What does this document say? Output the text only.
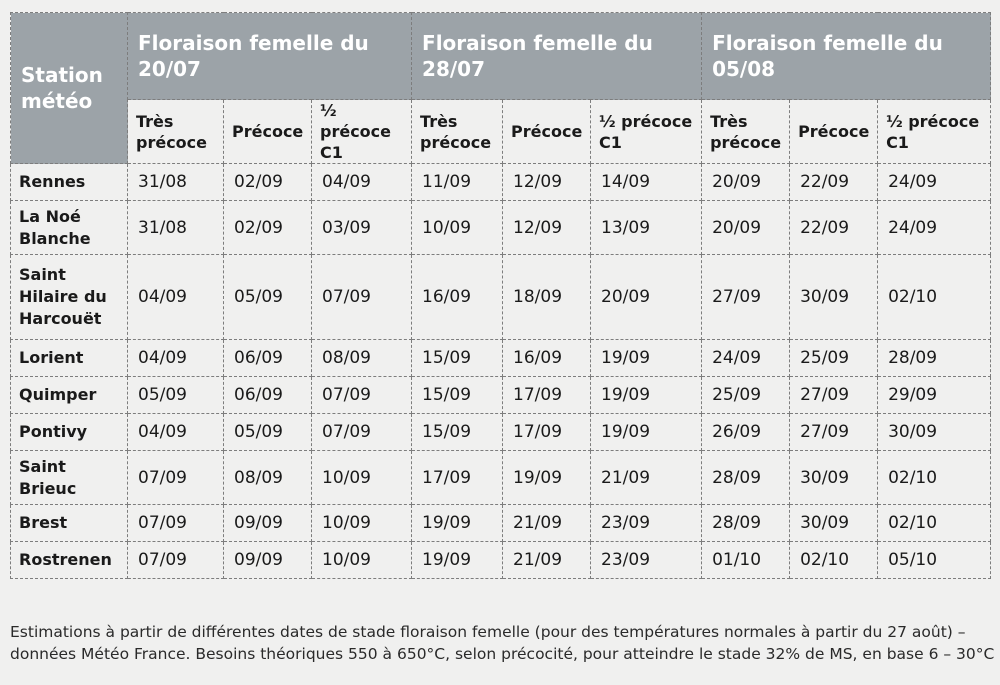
Station météo	Floraison femelle du 20/07			Floraison femelle du 28/07			Floraison femelle du 05/08		
	Très précoce	Précoce	½ précoce C1	Très précoce	Précoce	½ précoce C1	Très précoce	Précoce	½ précoce C1
Rennes	31/08	02/09	04/09	11/09	12/09	14/09	20/09	22/09	24/09
La Noé Blanche	31/08	02/09	03/09	10/09	12/09	13/09	20/09	22/09	24/09
Saint Hilaire du Harcouët	04/09	05/09	07/09	16/09	18/09	20/09	27/09	30/09	02/10
Lorient	04/09	06/09	08/09	15/09	16/09	19/09	24/09	25/09	28/09
Quimper	05/09	06/09	07/09	15/09	17/09	19/09	25/09	27/09	29/09
Pontivy	04/09	05/09	07/09	15/09	17/09	19/09	26/09	27/09	30/09
Saint Brieuc	07/09	08/09	10/09	17/09	19/09	21/09	28/09	30/09	02/10
Brest	07/09	09/09	10/09	19/09	21/09	23/09	28/09	30/09	02/10
Rostrenen	07/09	09/09	10/09	19/09	21/09	23/09	01/10	02/10	05/10

Estimations à partir de différentes dates de stade floraison femelle (pour des températures normales à partir du 27 août) – données Météo France. Besoins théoriques 550 à 650°C, selon précocité, pour atteindre le stade 32% de MS, en base 6 – 30°C
